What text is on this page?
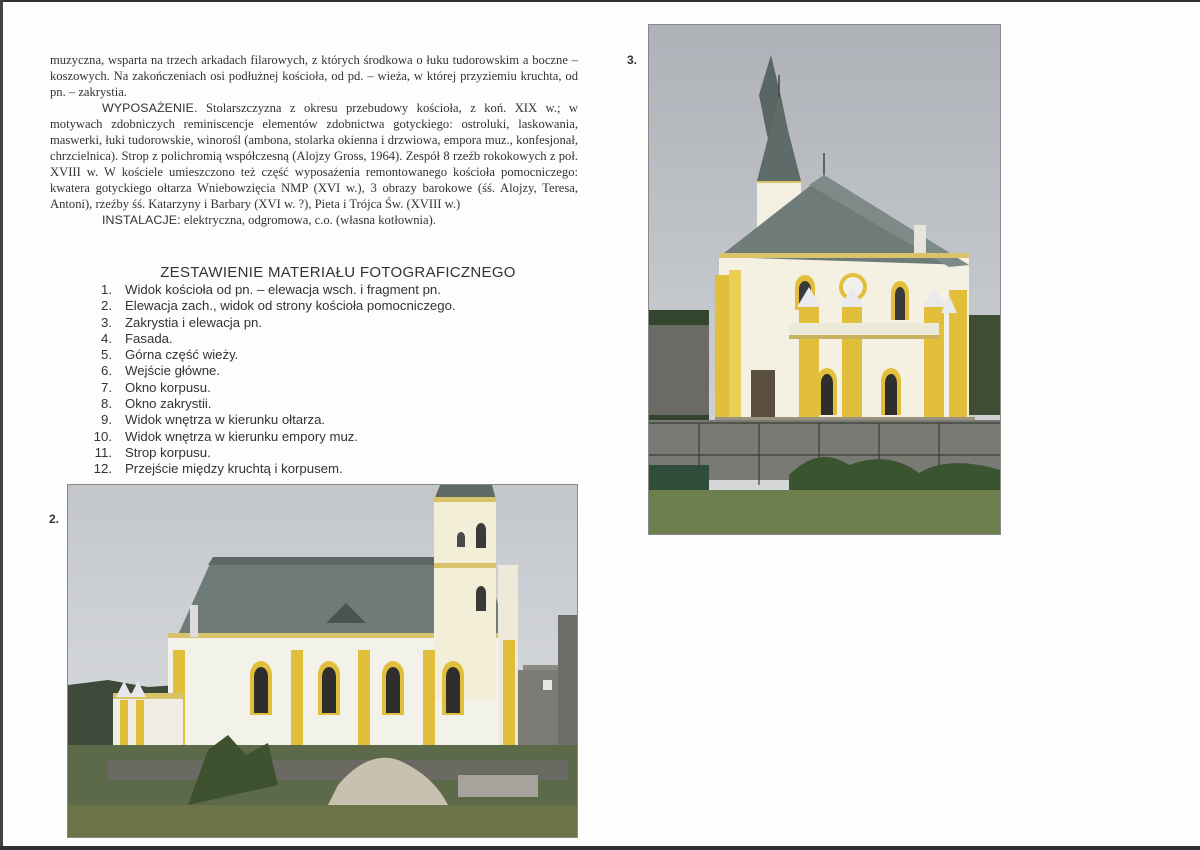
muzyczna, wsparta na trzech arkadach filarowych, z których środkowa o łuku tudorowskim a boczne – koszowych. Na zakończeniach osi podłużnej kościoła, od pd. – wieża, w której przyziemiu kruchta, od pn. – zakrystia.

WYPOSAŻENIE. Stolarszczyzna z okresu przebudowy kościoła, z koń. XIX w.; w motywach zdobniczych reminiscencje elementów zdobnictwa gotyckiego: ostroluki, laskowania, maswerki, łuki tudorowskie, winorośl (ambona, stolarka okienna i drzwiowa, empora muz., konfesjonał, chrzcielnica). Strop z polichromią współczesną (Alojzy Gross, 1964). Zespół 8 rzeźb rokokowych z poł. XVIII w. W kościele umieszczono też część wyposażenia remontowanego kościoła pomocniczego: kwatera gotyckiego ołtarza Wniebowzięcia NMP (XVI w.), 3 obrazy barokowe (śś. Alojzy, Teresa, Antoni), rzeźby śś. Katarzyny i Barbary (XVI w. ?), Pieta i Trójca Św. (XVIII w.)

INSTALACJE: elektryczna, odgromowa, c.o. (własna kotłownia).

ZESTAWIENIE MATERIAŁU FOTOGRAFICZNEGO
1. Widok kościoła od pn. – elewacja wsch. i fragment pn.
2. Elewacja zach., widok od strony kościoła pomocniczego.
3. Zakrystia i elewacja pn.
4. Fasada.
5. Górna część wieży.
6. Wejście główne.
7. Okno korpusu.
8. Okno zakrystii.
9. Widok wnętrza w kierunku ołtarza.
10. Widok wnętrza w kierunku empory muz.
11. Strop korpusu.
12. Przejście między kruchtą i korpusem.
2.
3.
